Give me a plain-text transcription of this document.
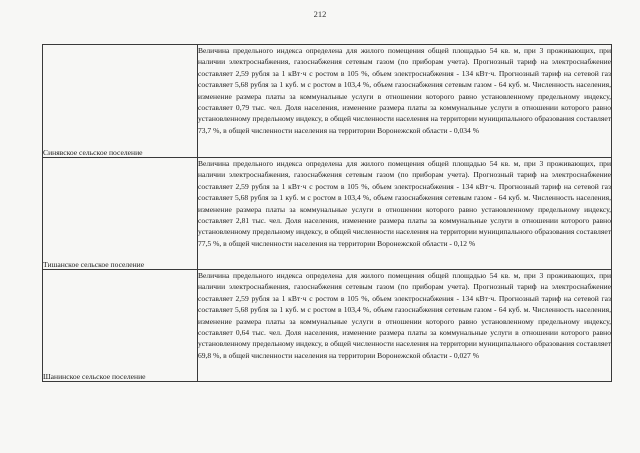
212
Синявское сельское поселение	Величина предельного индекса определена для жилого помещения общей площадью 54 кв. м, при 3 проживающих, при наличии электроснабжения, газоснабжения сетевым газом (по приборам учета). Прогнозный тариф на электроснабжение составляет 2,59 рубля за 1 кВт·ч с ростом в 105 %, объем электроснабжения - 134 кВт·ч. Прогнозный тариф на сетевой газ составляет 5,68 рубля за 1 куб. м с ростом в 103,4 %, объем газоснабжения сетевым газом - 64 куб. м. Численность населения, изменение размера платы за коммунальные услуги в отношении которого равно установленному предельному индексу, составляет 0,79 тыс. чел. Доля населения, изменение размера платы за коммунальные услуги в отношении которого равно установленному предельному индексу, в общей численности населения на территории муниципального образования составляет 73,7 %, в общей численности населения на территории Воронежской области - 0,034 %
Тишанское сельское поселение	Величина предельного индекса определена для жилого помещения общей площадью 54 кв. м, при 3 проживающих, при наличии электроснабжения, газоснабжения сетевым газом (по приборам учета). Прогнозный тариф на электроснабжение составляет 2,59 рубля за 1 кВт·ч с ростом в 105 %, объем электроснабжения - 134 кВт·ч. Прогнозный тариф на сетевой газ составляет 5,68 рубля за 1 куб. м с ростом в 103,4 %, объем газоснабжения сетевым газом - 64 куб. м. Численность населения, изменение размера платы за коммунальные услуги в отношении которого равно установленному предельному индексу, составляет 2,81 тыс. чел. Доля населения, изменение размера платы за коммунальные услуги в отношении которого равно установленному предельному индексу, в общей численности населения на территории муниципального образования составляет 77,5 %, в общей численности населения на территории Воронежской области - 0,12 %
Шанинское сельское поселение	Величина предельного индекса определена для жилого помещения общей площадью 54 кв. м, при 3 проживающих, при наличии электроснабжения, газоснабжения сетевым газом (по приборам учета). Прогнозный тариф на электроснабжение составляет 2,59 рубля за 1 кВт·ч с ростом в 105 %, объем электроснабжения - 134 кВт·ч. Прогнозный тариф на сетевой газ составляет 5,68 рубля за 1 куб. м с ростом в 103,4 %, объем газоснабжения сетевым газом - 64 куб. м. Численность населения, изменение размера платы за коммунальные услуги в отношении которого равно установленному предельному индексу, составляет 0,64 тыс. чел. Доля населения, изменение размера платы за коммунальные услуги в отношении которого равно установленному предельному индексу, в общей численности населения на территории муниципального образования составляет 69,8 %, в общей численности населения на территории Воронежской области - 0,027 %
